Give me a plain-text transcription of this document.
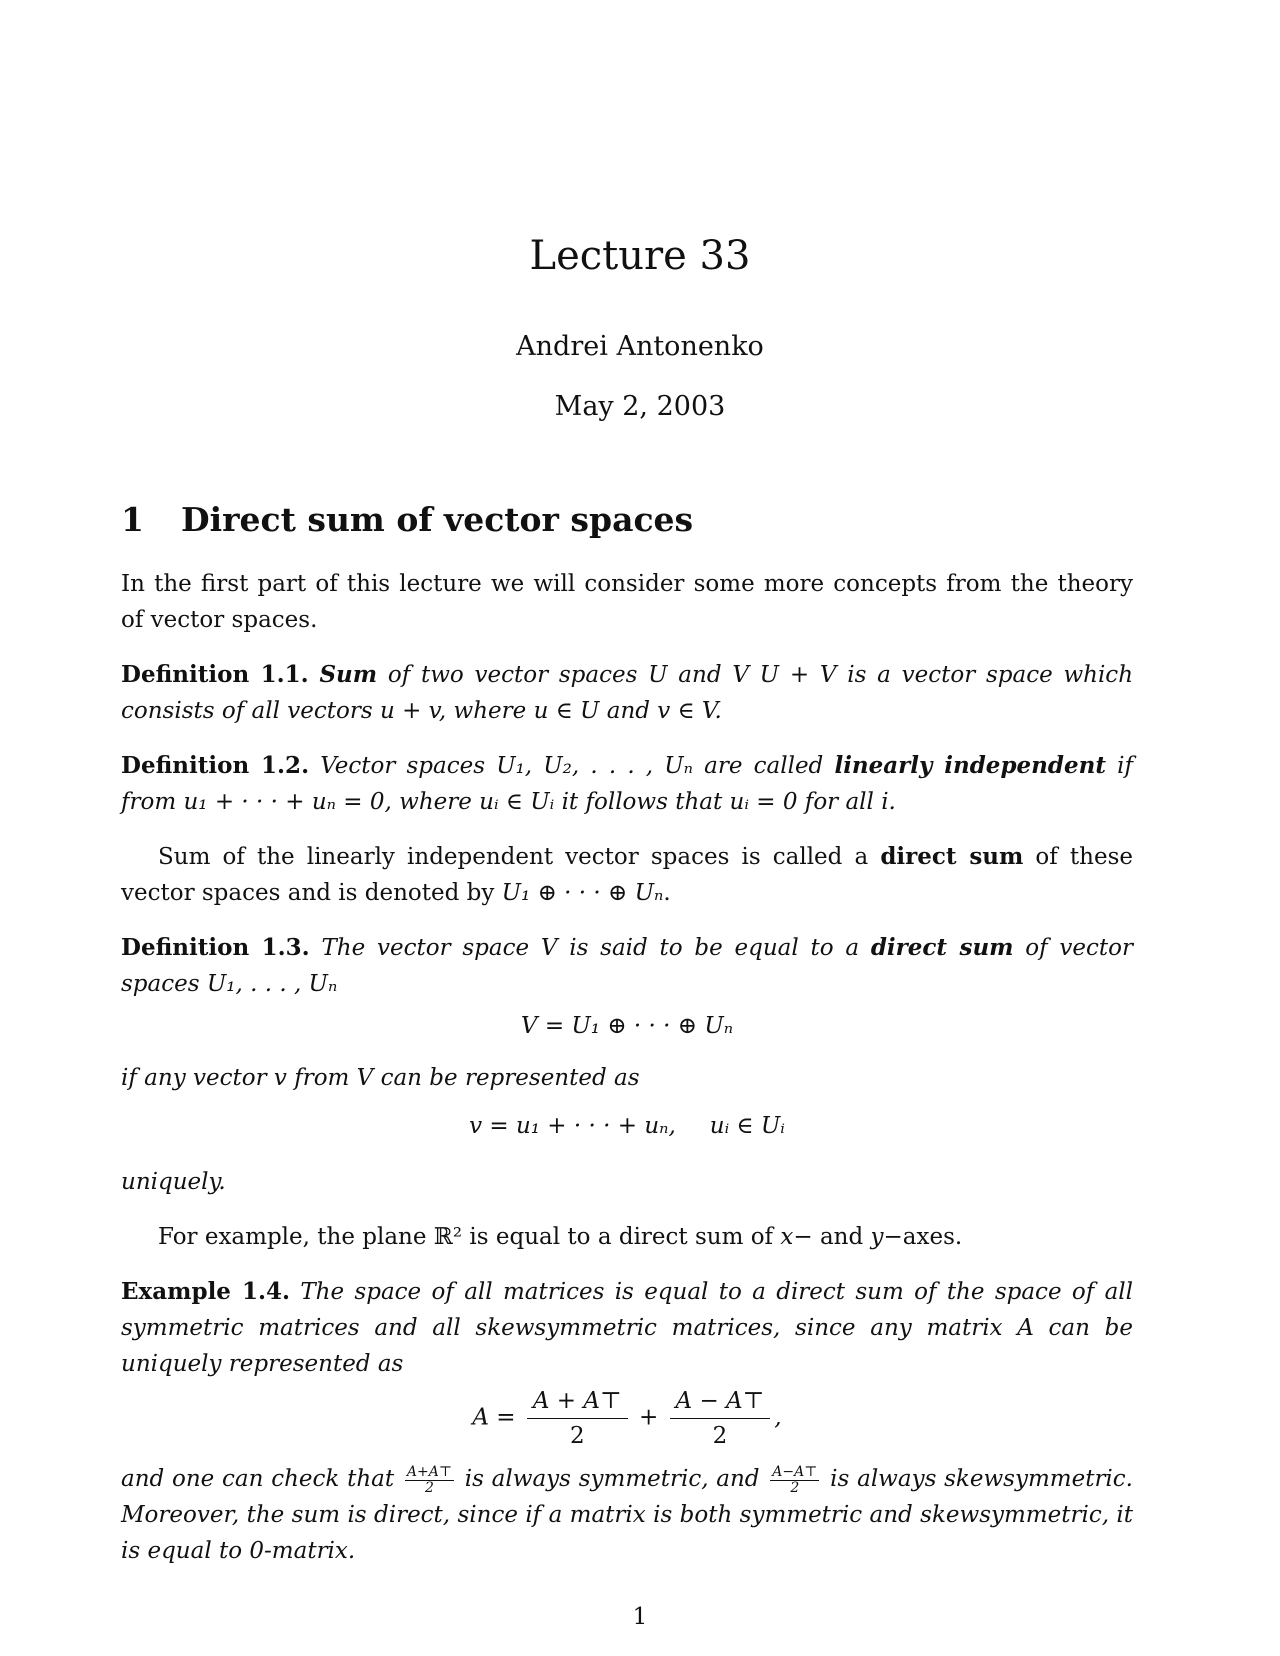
Lecture 33
Andrei Antonenko
May 2, 2003
1 Direct sum of vector spaces

In the first part of this lecture we will consider some more concepts from the theory of vector spaces.

Definition 1.1. Sum of two vector spaces U and V U + V is a vector space which consists of all vectors u + v, where u ∈ U and v ∈ V.

Definition 1.2. Vector spaces U₁, U₂, . . . , Uₙ are called linearly independent if from u₁ + · · · + uₙ = 0, where uᵢ ∈ Uᵢ it follows that uᵢ = 0 for all i.

Sum of the linearly independent vector spaces is called a direct sum of these vector spaces and is denoted by U₁ ⊕ · · · ⊕ Uₙ.

Definition 1.3. The vector space V is said to be equal to a direct sum of vector spaces U₁, . . . , Uₙ

V = U₁ ⊕ · · · ⊕ Uₙ

if any vector v from V can be represented as

v = u₁ + · · · + uₙ, uᵢ ∈ Uᵢ

uniquely.

For example, the plane ℝ² is equal to a direct sum of x− and y−axes.

Example 1.4. The space of all matrices is equal to a direct sum of the space of all symmetric matrices and all skewsymmetric matrices, since any matrix A can be uniquely represented as

$A = \frac{A + A⊤}{2} + \frac{A - A⊤}{2}$ ,

and one can check that $\frac{A+A⊤}{2}$ is always symmetric, and $\frac{A-A⊤}{2}$ is always skewsymmetric. Moreover, the sum is direct, since if a matrix is both symmetric and skewsymmetric, it is equal to 0-matrix.

1
